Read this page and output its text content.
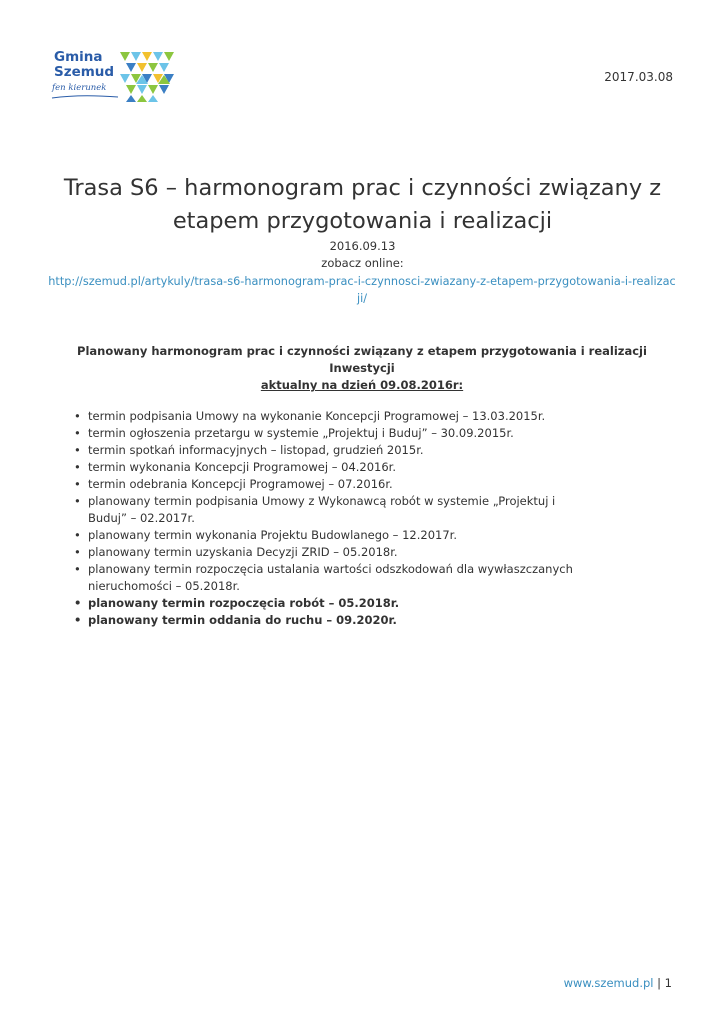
Gmina
Szemud
fen kierunek
2017.03.08
Trasa S6 – harmonogram prac i czynności związany z etapem przygotowania i realizacji
2016.09.13
zobacz online:
http://szemud.pl/artykuly/trasa-s6-harmonogram-prac-i-czynnosci-zwiazany-z-etapem-przygotowania-i-realizacji/
Planowany harmonogram prac i czynności związany z etapem przygotowania i realizacji Inwestycji
aktualny na dzień 09.08.2016r:
• termin podpisania Umowy na wykonanie Koncepcji Programowej – 13.03.2015r.
• termin ogłoszenia przetargu w systemie „Projektuj i Buduj” – 30.09.2015r.
• termin spotkań informacyjnych – listopad, grudzień 2015r.
• termin wykonania Koncepcji Programowej – 04.2016r.
• termin odebrania Koncepcji Programowej – 07.2016r.
• planowany termin podpisania Umowy z Wykonawcą robót w systemie „Projektuj i Buduj” – 02.2017r.
• planowany termin wykonania Projektu Budowlanego – 12.2017r.
• planowany termin uzyskania Decyzji ZRID – 05.2018r.
• planowany termin rozpoczęcia ustalania wartości odszkodowań dla wywłaszczanych nieruchomości – 05.2018r.
• planowany termin rozpoczęcia robót – 05.2018r.
• planowany termin oddania do ruchu – 09.2020r.
www.szemud.pl | 1
